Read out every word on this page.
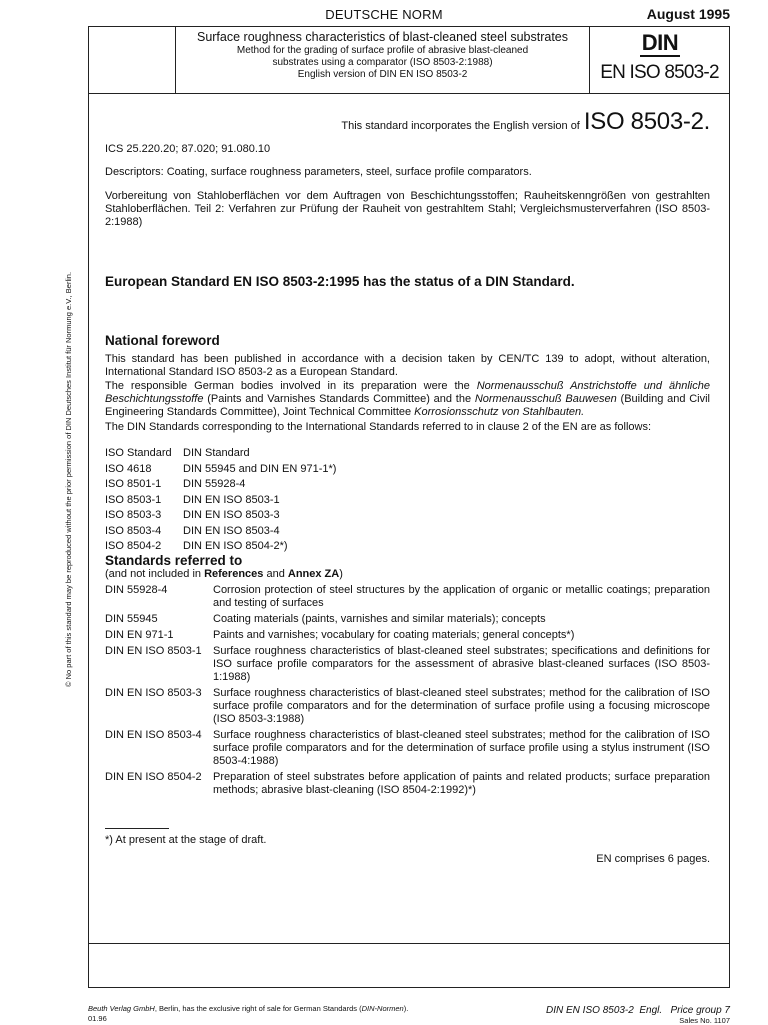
DEUTSCHE NORM	August 1995
Surface roughness characteristics of blast-cleaned steel substrates
Method for the grading of surface profile of abrasive blast-cleaned
substrates using a comparator (ISO 8503-2:1988)
English version of DIN EN ISO 8503-2
DIN
EN ISO 8503-2
This standard incorporates the English version of ISO 8503-2.
ICS 25.220.20; 87.020; 91.080.10
Descriptors: Coating, surface roughness parameters, steel, surface profile comparators.
Vorbereitung von Stahloberflächen vor dem Auftragen von Beschichtungsstoffen; Rauheitskenngrößen von gestrahlten Stahloberflächen. Teil 2: Verfahren zur Prüfung der Rauheit von gestrahltem Stahl; Vergleichsmusterverfahren (ISO 8503-2:1988)
European Standard EN ISO 8503-2:1995 has the status of a DIN Standard.
National foreword
This standard has been published in accordance with a decision taken by CEN/TC 139 to adopt, without alteration, International Standard ISO 8503-2 as a European Standard.
The responsible German bodies involved in its preparation were the Normenausschuß Anstrichstoffe und ähnliche Beschichtungsstoffe (Paints and Varnishes Standards Committee) and the Normenausschuß Bauwesen (Building and Civil Engineering Standards Committee), Joint Technical Committee Korrosionsschutz von Stahlbauten.
The DIN Standards corresponding to the International Standards referred to in clause 2 of the EN are as follows:
ISO Standard	DIN Standard
ISO 4618	DIN 55945 and DIN EN 971-1*)
ISO 8501-1	DIN 55928-4
ISO 8503-1	DIN EN ISO 8503-1
ISO 8503-3	DIN EN ISO 8503-3
ISO 8503-4	DIN EN ISO 8503-4
ISO 8504-2	DIN EN ISO 8504-2*)
Standards referred to
(and not included in References and Annex ZA)
DIN 55928-4	Corrosion protection of steel structures by the application of organic or metallic coatings; preparation and testing of surfaces
DIN 55945	Coating materials (paints, varnishes and similar materials); concepts
DIN EN 971-1	Paints and varnishes; vocabulary for coating materials; general concepts*)
DIN EN ISO 8503-1	Surface roughness characteristics of blast-cleaned steel substrates; specifications and definitions for ISO surface profile comparators for the assessment of abrasive blast-cleaned surfaces (ISO 8503-1:1988)
DIN EN ISO 8503-3	Surface roughness characteristics of blast-cleaned steel substrates; method for the calibration of ISO surface profile comparators and for the determination of surface profile using a focusing microscope (ISO 8503-3:1988)
DIN EN ISO 8503-4	Surface roughness characteristics of blast-cleaned steel substrates; method for the calibration of ISO surface profile comparators and for the determination of surface profile using a stylus instrument (ISO 8503-4:1988)
DIN EN ISO 8504-2	Preparation of steel substrates before application of paints and related products; surface preparation methods; abrasive blast-cleaning (ISO 8504-2:1992)*)
*) At present at the stage of draft.
EN comprises 6 pages.
Beuth Verlag GmbH, Berlin, has the exclusive right of sale for German Standards (DIN-Normen).
01.96
DIN EN ISO 8503-2  Engl.   Price group 7
Sales No. 1107
© No part of this standard may be reproduced without the prior permission of DIN Deutsches Institut für Normung e.V., Berlin.
